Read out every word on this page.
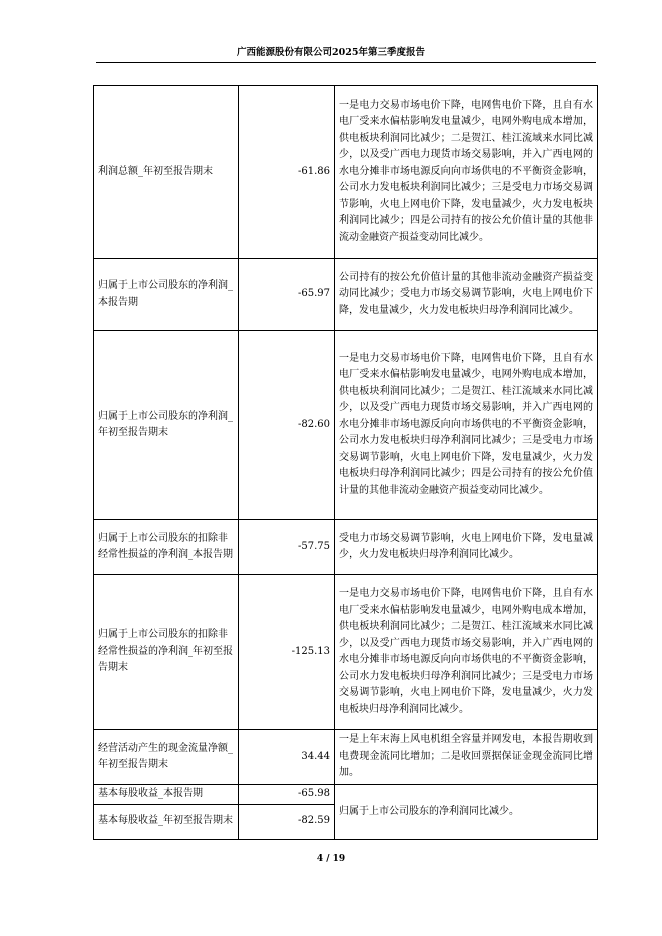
广西能源股份有限公司2025年第三季度报告
利润总额_年初至报告期末	-61.86	一是电力交易市场电价下降，电网售电价下降，且自有水电厂受来水偏枯影响发电量减少，电网外购电成本增加，供电板块利润同比减少；二是贺江、桂江流域来水同比减少，以及受广西电力现货市场交易影响，并入广西电网的水电分摊非市场电源反向向市场供电的不平衡资金影响，公司水力发电板块利润同比减少；三是受电力市场交易调节影响，火电上网电价下降，发电量减少，火力发电板块利润同比减少；四是公司持有的按公允价值计量的其他非流动金融资产损益变动同比减少。
归属于上市公司股东的净利润_本报告期	-65.97	公司持有的按公允价值计量的其他非流动金融资产损益变动同比减少；受电力市场交易调节影响，火电上网电价下降，发电量减少，火力发电板块归母净利润同比减少。
归属于上市公司股东的净利润_年初至报告期末	-82.60	一是电力交易市场电价下降，电网售电价下降，且自有水电厂受来水偏枯影响发电量减少，电网外购电成本增加，供电板块利润同比减少；二是贺江、桂江流域来水同比减少，以及受广西电力现货市场交易影响，并入广西电网的水电分摊非市场电源反向向市场供电的不平衡资金影响，公司水力发电板块归母净利润同比减少；三是受电力市场交易调节影响，火电上网电价下降，发电量减少，火力发电板块归母净利润同比减少；四是公司持有的按公允价值计量的其他非流动金融资产损益变动同比减少。
归属于上市公司股东的扣除非经常性损益的净利润_本报告期	-57.75	受电力市场交易调节影响，火电上网电价下降，发电量减少，火力发电板块归母净利润同比减少。
归属于上市公司股东的扣除非经常性损益的净利润_年初至报告期末	-125.13	一是电力交易市场电价下降，电网售电价下降，且自有水电厂受来水偏枯影响发电量减少，电网外购电成本增加，供电板块利润同比减少；二是贺江、桂江流域来水同比减少，以及受广西电力现货市场交易影响，并入广西电网的水电分摊非市场电源反向向市场供电的不平衡资金影响，公司水力发电板块归母净利润同比减少；三是受电力市场交易调节影响，火电上网电价下降，发电量减少，火力发电板块归母净利润同比减少。
经营活动产生的现金流量净额_年初至报告期末	34.44	一是上年末海上风电机组全容量并网发电，本报告期收到电费现金流同比增加；二是收回票据保证金现金流同比增加。
基本每股收益_本报告期	-65.98	归属于上市公司股东的净利润同比减少。
基本每股收益_年初至报告期末	-82.59	
4 / 19
